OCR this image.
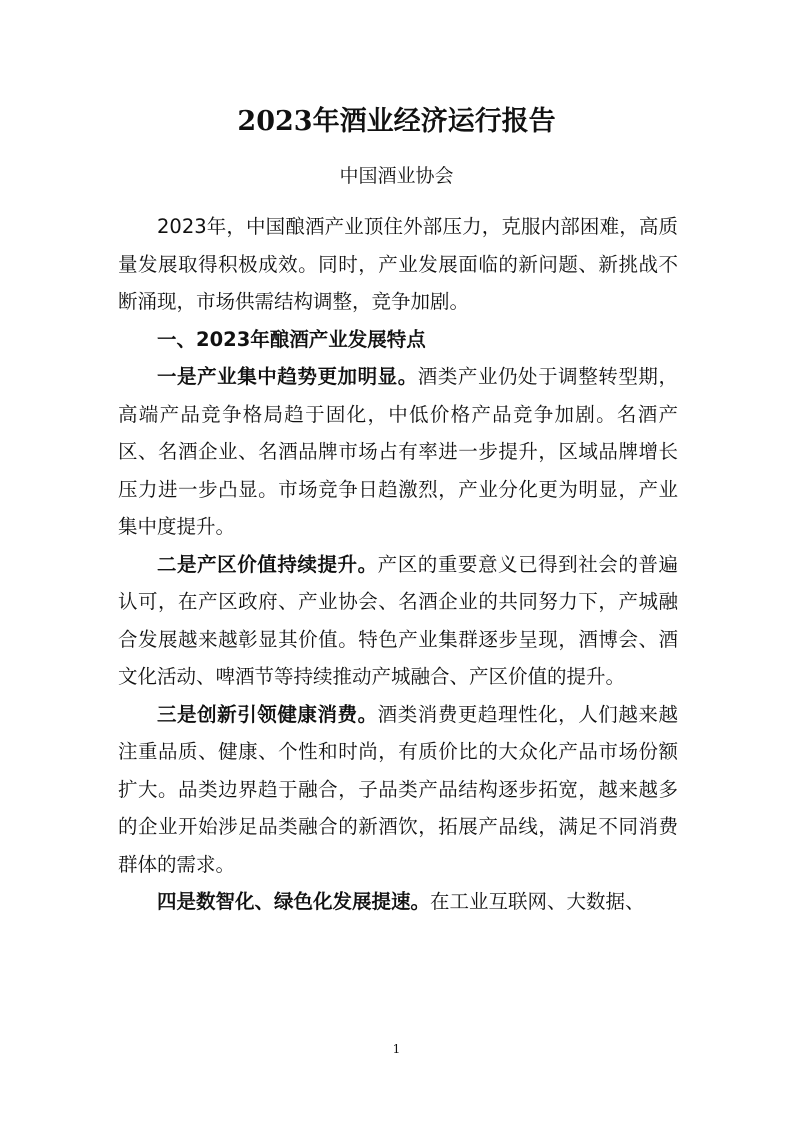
2023年酒业经济运行报告
中国酒业协会

2023年，中国酿酒产业顶住外部压力，克服内部困难，高质量发展取得积极成效。同时，产业发展面临的新问题、新挑战不断涌现，市场供需结构调整，竞争加剧。

一、2023年酿酒产业发展特点

一是产业集中趋势更加明显。酒类产业仍处于调整转型期，高端产品竞争格局趋于固化，中低价格产品竞争加剧。名酒产区、名酒企业、名酒品牌市场占有率进一步提升，区域品牌增长压力进一步凸显。市场竞争日趋激烈，产业分化更为明显，产业集中度提升。

二是产区价值持续提升。产区的重要意义已得到社会的普遍认可，在产区政府、产业协会、名酒企业的共同努力下，产城融合发展越来越彰显其价值。特色产业集群逐步呈现，酒博会、酒文化活动、啤酒节等持续推动产城融合、产区价值的提升。

三是创新引领健康消费。酒类消费更趋理性化，人们越来越注重品质、健康、个性和时尚，有质价比的大众化产品市场份额扩大。品类边界趋于融合，子品类产品结构逐步拓宽，越来越多的企业开始涉足品类融合的新酒饮，拓展产品线，满足不同消费群体的需求。

四是数智化、绿色化发展提速。在工业互联网、大数据、

1
